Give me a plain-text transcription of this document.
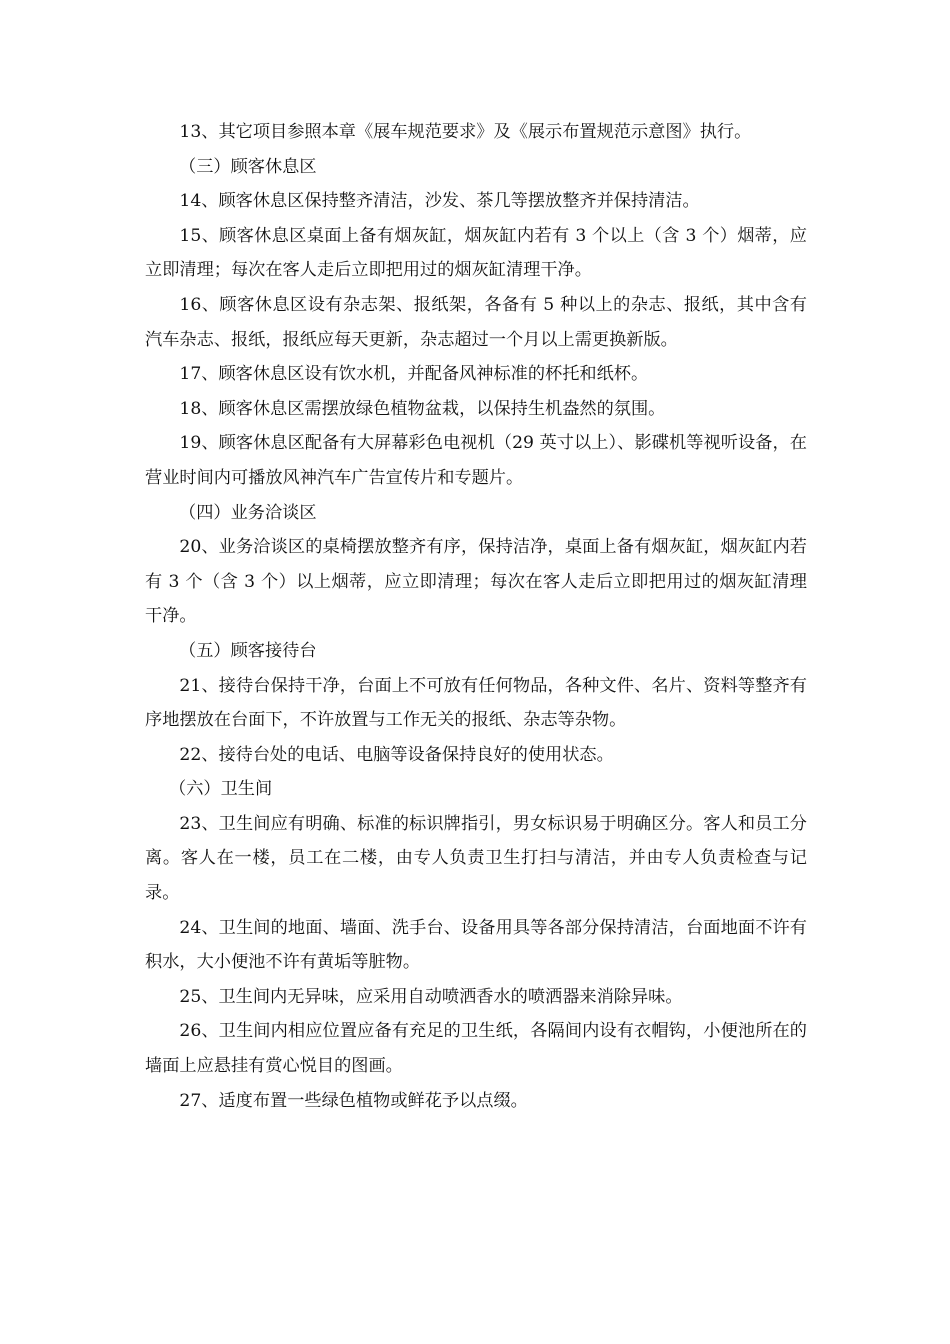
13、其它项目参照本章《展车规范要求》及《展示布置规范示意图》执行。

（三）顾客休息区

14、顾客休息区保持整齐清洁，沙发、茶几等摆放整齐并保持清洁。

15、顾客休息区桌面上备有烟灰缸，烟灰缸内若有 3 个以上（含 3 个）烟蒂，应立即清理；每次在客人走后立即把用过的烟灰缸清理干净。

16、顾客休息区设有杂志架、报纸架，各备有 5 种以上的杂志、报纸，其中含有汽车杂志、报纸，报纸应每天更新，杂志超过一个月以上需更换新版。

17、顾客休息区设有饮水机，并配备风神标准的杯托和纸杯。

18、顾客休息区需摆放绿色植物盆栽，以保持生机盎然的氛围。

19、顾客休息区配备有大屏幕彩色电视机（29 英寸以上）、影碟机等视听设备，在营业时间内可播放风神汽车广告宣传片和专题片。

（四）业务洽谈区

20、业务洽谈区的桌椅摆放整齐有序，保持洁净，桌面上备有烟灰缸，烟灰缸内若有 3 个（含 3 个）以上烟蒂，应立即清理；每次在客人走后立即把用过的烟灰缸清理干净。

（五）顾客接待台

21、接待台保持干净，台面上不可放有任何物品，各种文件、名片、资料等整齐有序地摆放在台面下，不许放置与工作无关的报纸、杂志等杂物。

22、接待台处的电话、电脑等设备保持良好的使用状态。

（六）卫生间

23、卫生间应有明确、标准的标识牌指引，男女标识易于明确区分。客人和员工分离。客人在一楼，员工在二楼，由专人负责卫生打扫与清洁，并由专人负责检查与记录。

24、卫生间的地面、墙面、洗手台、设备用具等各部分保持清洁，台面地面不许有积水，大小便池不许有黄垢等脏物。

25、卫生间内无异味，应采用自动喷洒香水的喷洒器来消除异味。

26、卫生间内相应位置应备有充足的卫生纸，各隔间内设有衣帽钩，小便池所在的墙面上应悬挂有赏心悦目的图画。

27、适度布置一些绿色植物或鲜花予以点缀。
